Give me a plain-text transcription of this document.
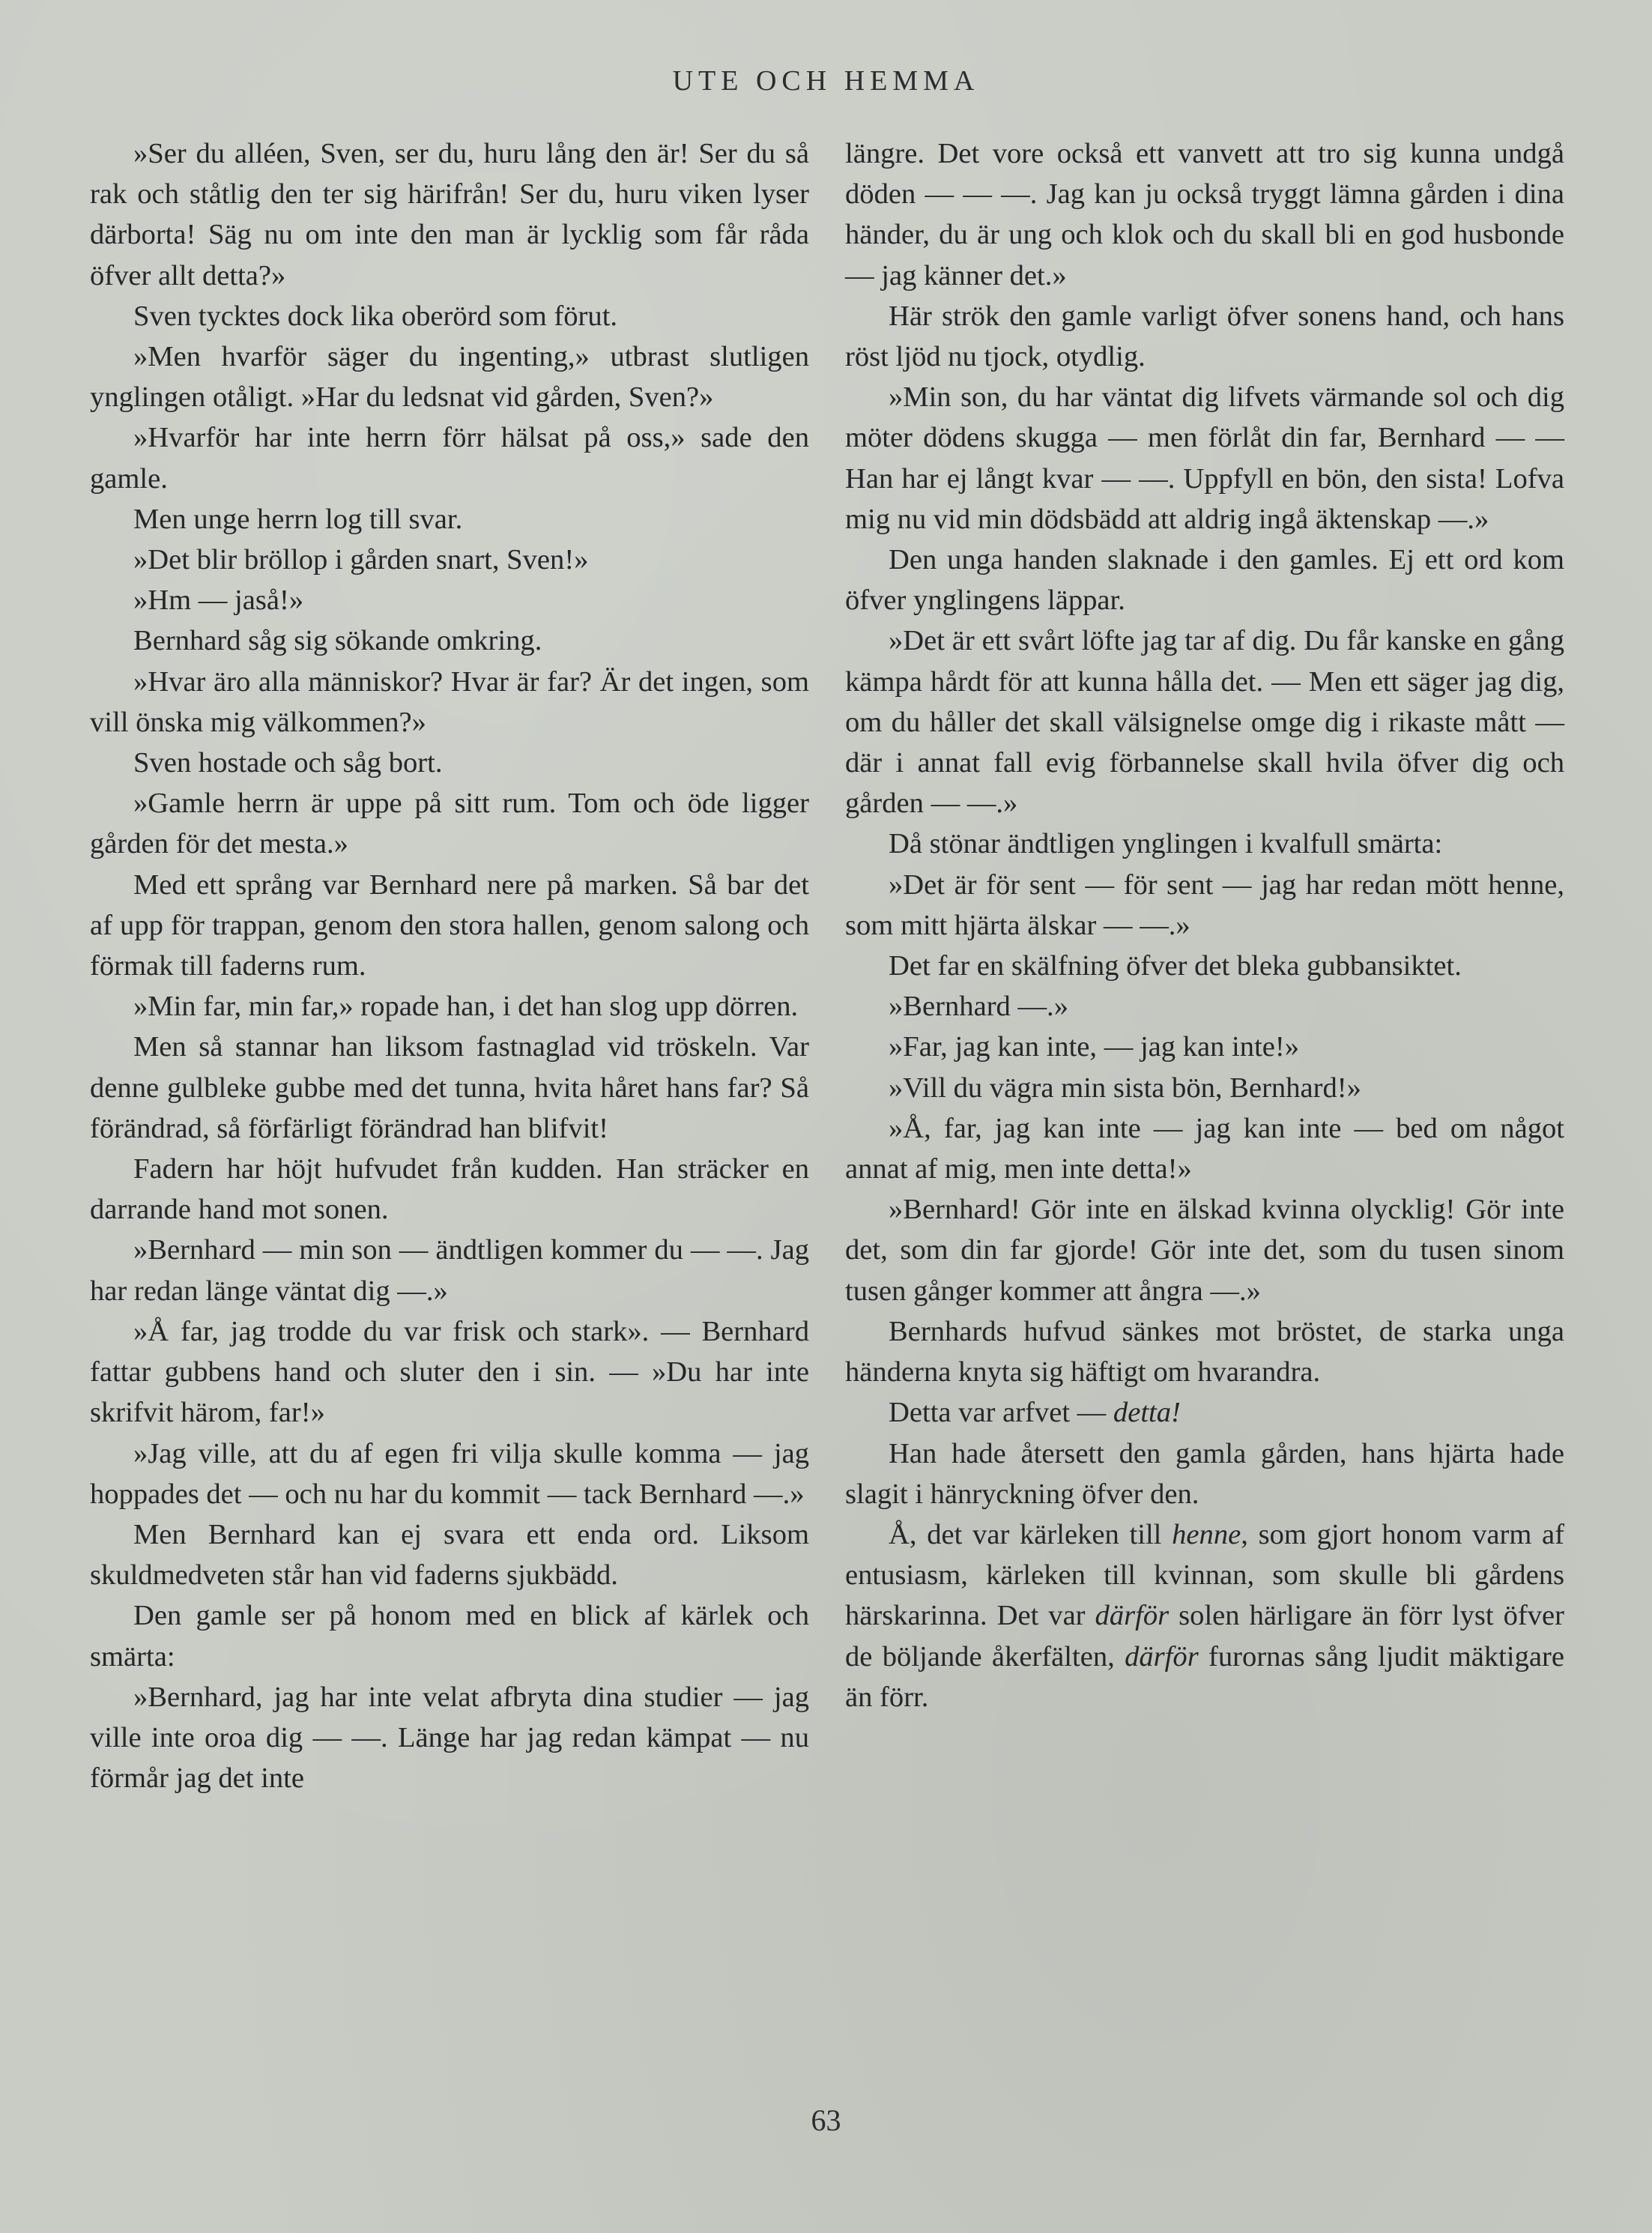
UTE OCH HEMMA

»Ser du alléen, Sven, ser du, huru lång den är! Ser du så rak och ståtlig den ter sig härifrån! Ser du, huru viken lyser därborta! Säg nu om inte den man är lycklig som får råda öfver allt detta?»

Sven tycktes dock lika oberörd som förut.

»Men hvarför säger du ingenting,» utbrast slutligen ynglingen otåligt. »Har du ledsnat vid gården, Sven?»

»Hvarför har inte herrn förr hälsat på oss,» sade den gamle.

Men unge herrn log till svar.

»Det blir bröllop i gården snart, Sven!»

»Hm — jaså!»

Bernhard såg sig sökande omkring.

»Hvar äro alla människor? Hvar är far? Är det ingen, som vill önska mig välkommen?»

Sven hostade och såg bort.

»Gamle herrn är uppe på sitt rum. Tom och öde ligger gården för det mesta.»

Med ett språng var Bernhard nere på marken. Så bar det af upp för trappan, genom den stora hallen, genom salong och förmak till faderns rum.

»Min far, min far,» ropade han, i det han slog upp dörren.

Men så stannar han liksom fastnaglad vid tröskeln. Var denne gulbleke gubbe med det tunna, hvita håret hans far? Så förändrad, så förfärligt förändrad han blifvit!

Fadern har höjt hufvudet från kudden. Han sträcker en darrande hand mot sonen.

»Bernhard — min son — ändtligen kommer du — —. Jag har redan länge väntat dig —.»

»Å far, jag trodde du var frisk och stark». — Bernhard fattar gubbens hand och sluter den i sin. — »Du har inte skrifvit härom, far!»

»Jag ville, att du af egen fri vilja skulle komma — jag hoppades det — och nu har du kommit — tack Bernhard —.»

Men Bernhard kan ej svara ett enda ord. Liksom skuldmedveten står han vid faderns sjukbädd.

Den gamle ser på honom med en blick af kärlek och smärta:

»Bernhard, jag har inte velat afbryta dina studier — jag ville inte oroa dig — —. Länge har jag redan kämpat — nu förmår jag det inte

längre. Det vore också ett vanvett att tro sig kunna undgå döden — — —. Jag kan ju också tryggt lämna gården i dina händer, du är ung och klok och du skall bli en god husbonde — jag känner det.»

Här strök den gamle varligt öfver sonens hand, och hans röst ljöd nu tjock, otydlig.

»Min son, du har väntat dig lifvets värmande sol och dig möter dödens skugga — men förlåt din far, Bernhard — — Han har ej långt kvar — —. Uppfyll en bön, den sista! Lofva mig nu vid min dödsbädd att aldrig ingå äktenskap —.»

Den unga handen slaknade i den gamles. Ej ett ord kom öfver ynglingens läppar.

»Det är ett svårt löfte jag tar af dig. Du får kanske en gång kämpa hårdt för att kunna hålla det. — Men ett säger jag dig, om du håller det skall välsignelse omge dig i rikaste mått — där i annat fall evig förbannelse skall hvila öfver dig och gården — —.»

Då stönar ändtligen ynglingen i kvalfull smärta:

»Det är för sent — för sent — jag har redan mött henne, som mitt hjärta älskar — —.»

Det far en skälfning öfver det bleka gubbansiktet.

»Bernhard —.»

»Far, jag kan inte, — jag kan inte!»

»Vill du vägra min sista bön, Bernhard!»

»Å, far, jag kan inte — jag kan inte — bed om något annat af mig, men inte detta!»

»Bernhard! Gör inte en älskad kvinna olycklig! Gör inte det, som din far gjorde! Gör inte det, som du tusen sinom tusen gånger kommer att ångra —.»

Bernhards hufvud sänkes mot bröstet, de starka unga händerna knyta sig häftigt om hvarandra.

Detta var arfvet — detta!

Han hade återsett den gamla gården, hans hjärta hade slagit i hänryckning öfver den.

Å, det var kärleken till henne, som gjort honom varm af entusiasm, kärleken till kvinnan, som skulle bli gårdens härskarinna. Det var därför solen härligare än förr lyst öfver de böljande åkerfälten, därför furornas sång ljudit mäktigare än förr.

63
